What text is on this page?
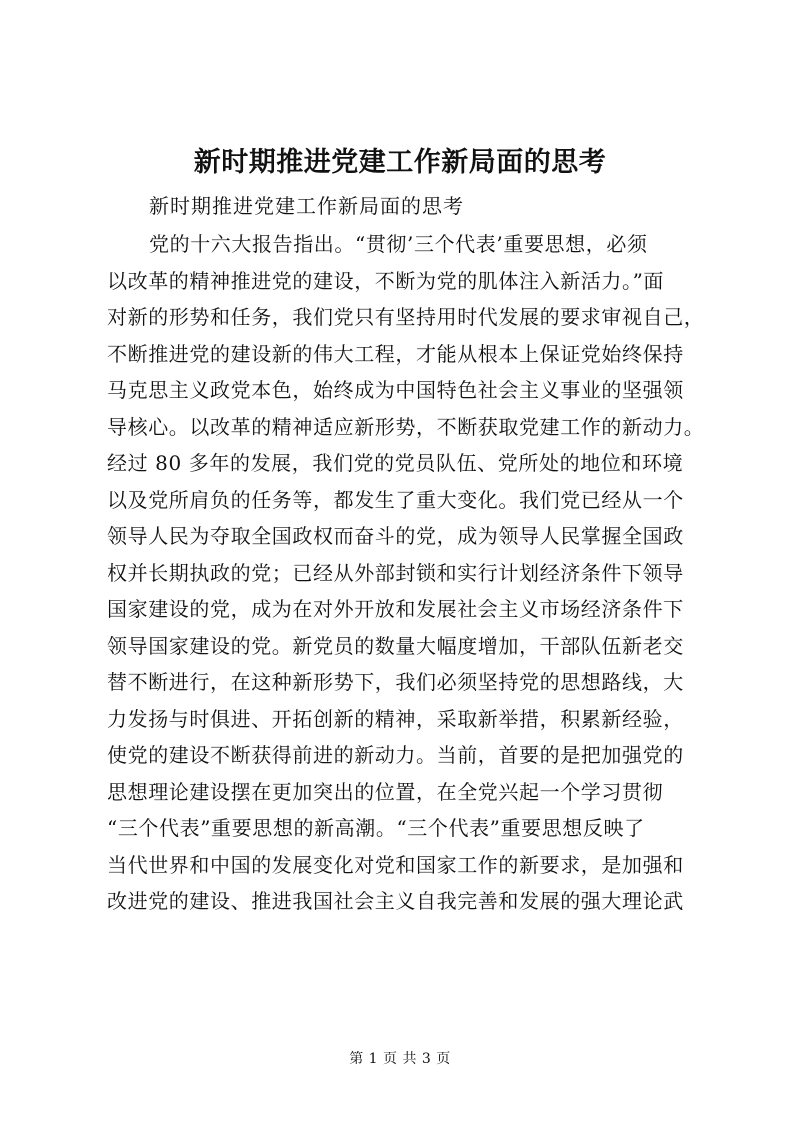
新时期推进党建工作新局面的思考
新时期推进党建工作新局面的思考
党的十六大报告指出。“贯彻’三个代表’重要思想，必须
以改革的精神推进党的建设，不断为党的肌体注入新活力。”面
对新的形势和任务，我们党只有坚持用时代发展的要求审视自己，
不断推进党的建设新的伟大工程，才能从根本上保证党始终保持
马克思主义政党本色，始终成为中国特色社会主义事业的坚强领
导核心。以改革的精神适应新形势，不断获取党建工作的新动力。
经过 80 多年的发展，我们党的党员队伍、党所处的地位和环境
以及党所肩负的任务等，都发生了重大变化。我们党已经从一个
领导人民为夺取全国政权而奋斗的党，成为领导人民掌握全国政
权并长期执政的党；已经从外部封锁和实行计划经济条件下领导
国家建设的党，成为在对外开放和发展社会主义市场经济条件下
领导国家建设的党。新党员的数量大幅度增加，干部队伍新老交
替不断进行，在这种新形势下，我们必须坚持党的思想路线，大
力发扬与时俱进、开拓创新的精神，采取新举措，积累新经验，
使党的建设不断获得前进的新动力。当前，首要的是把加强党的
思想理论建设摆在更加突出的位置，在全党兴起一个学习贯彻
“三个代表”重要思想的新高潮。“三个代表”重要思想反映了
当代世界和中国的发展变化对党和国家工作的新要求，是加强和
改进党的建设、推进我国社会主义自我完善和发展的强大理论武
第 1 页 共 3 页
